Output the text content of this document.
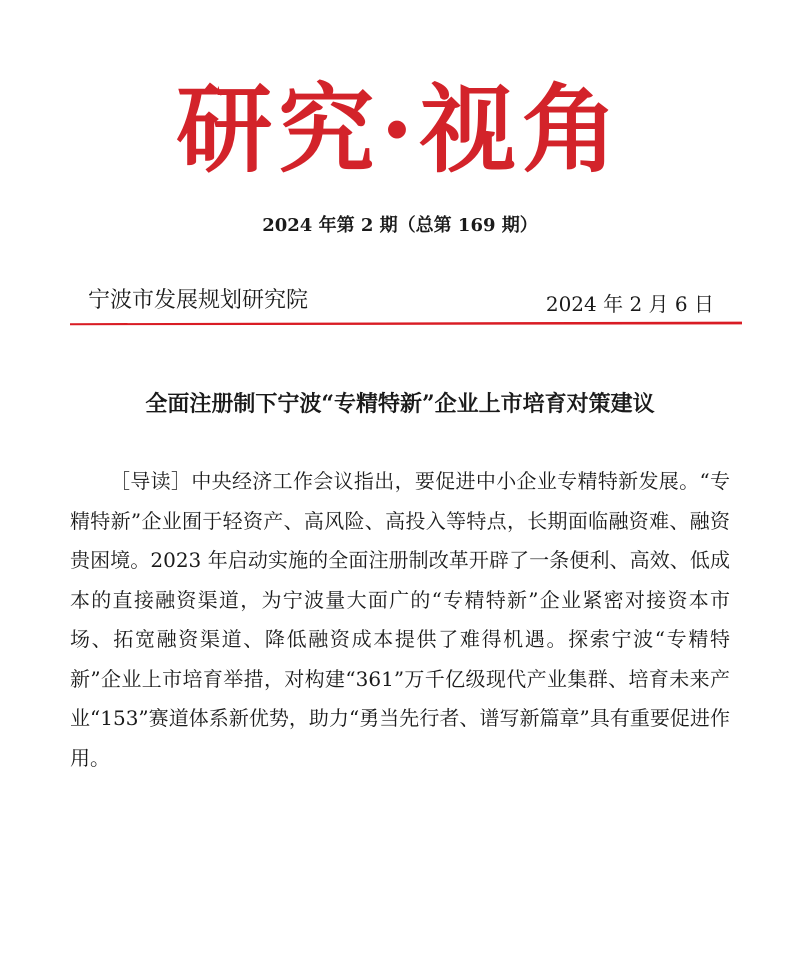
研究·视角
2024 年第 2 期（总第 169 期）
宁波市发展规划研究院	2024 年 2 月 6 日
全面注册制下宁波“专精特新”企业上市培育对策建议

［导读］中央经济工作会议指出，要促进中小企业专精特新发展。“专精特新”企业囿于轻资产、高风险、高投入等特点，长期面临融资难、融资贵困境。2023 年启动实施的全面注册制改革开辟了一条便利、高效、低成本的直接融资渠道，为宁波量大面广的“专精特新”企业紧密对接资本市场、拓宽融资渠道、降低融资成本提供了难得机遇。探索宁波“专精特新”企业上市培育举措，对构建“361”万千亿级现代产业集群、培育未来产业“153”赛道体系新优势，助力“勇当先行者、谱写新篇章”具有重要促进作用。
